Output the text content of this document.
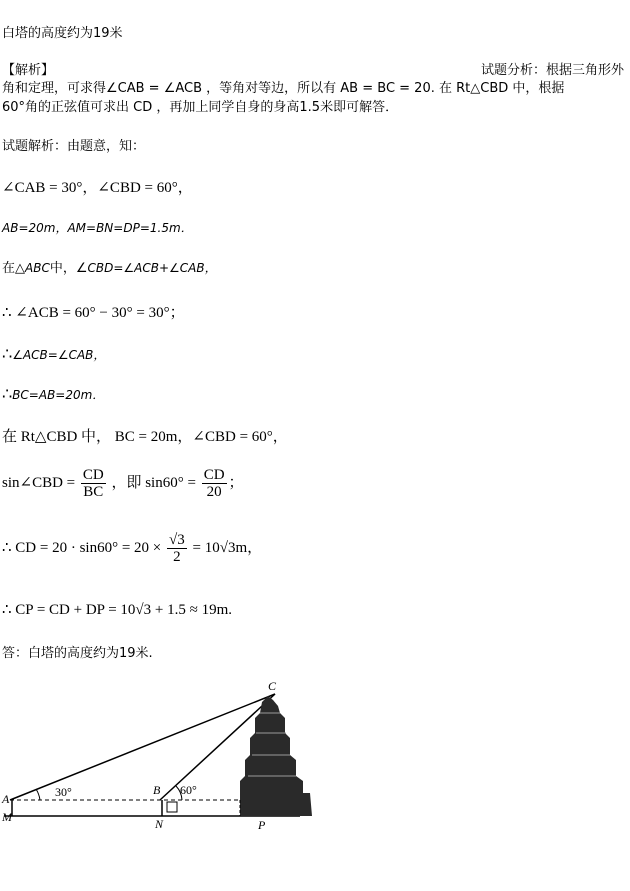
白塔的高度约为19米
【解析】	试题分析：根据三角形外
角和定理，可求得∠CAB = ∠ACB ，等角对等边，所以有 AB = BC = 20. 在 Rt△CBD 中，根据
60°角的正弦值可求出 CD ，再加上同学自身的身高1.5米即可解答．
试题解析：由题意，知：
∠CAB = 30°，∠CBD = 60°，
AB=20m，AM=BN=DP=1.5m．
在△ABC中，∠CBD=∠ACB+∠CAB，
∴ ∠ACB = 60° − 30° = 30°；
∴∠ACB=∠CAB，
∴BC=AB=20m．
在 Rt△CBD 中， BC = 20m，∠CBD = 60°，
sin∠CBD = $\frac{CD}{BC}$ ，即 $\sin 60^\circ = \frac{CD}{20}$ ；
∴ CD = $20 \cdot \sin 60^\circ = 20 \times \frac{√3}{2} = 10√3m$，
∴ CP = CD + DP = 10√3 + 1.5 ≈ 19m.
答：白塔的高度约为19米.
C
A
M
B
N	P
30°	60°
